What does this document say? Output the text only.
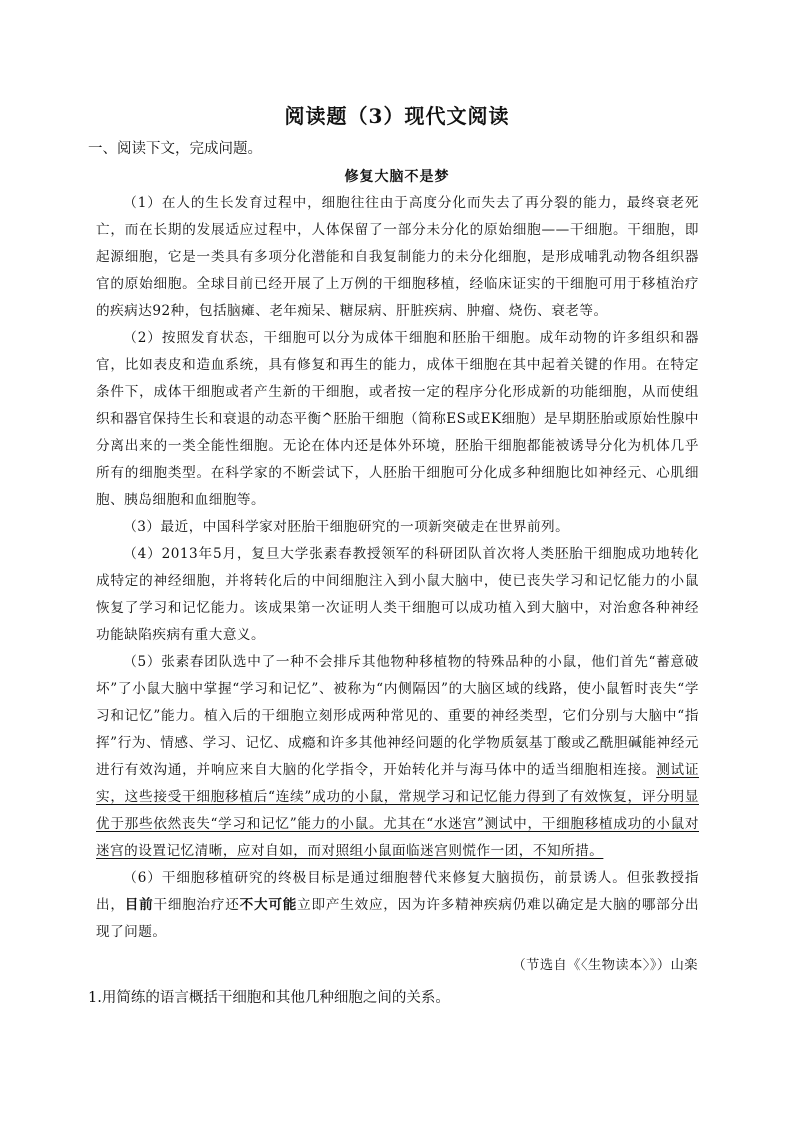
阅读题（3）现代文阅读
一、阅读下文，完成问题。
修复大脑不是梦

（1）在人的生长发育过程中，细胞往往由于高度分化而失去了再分裂的能力，最终衰老死亡，而在长期的发展适应过程中，人体保留了一部分未分化的原始细胞——干细胞。干细胞，即起源细胞，它是一类具有多项分化潜能和自我复制能力的未分化细胞，是形成哺乳动物各组织器官的原始细胞。全球目前已经开展了上万例的干细胞移植，经临床证实的干细胞可用于移植治疗的疾病达92种，包括脑瘫、老年痴呆、糖尿病、肝脏疾病、肿瘤、烧伤、衰老等。

（2）按照发育状态，干细胞可以分为成体干细胞和胚胎干细胞。成年动物的许多组织和器官，比如表皮和造血系统，具有修复和再生的能力，成体干细胞在其中起着关键的作用。在特定条件下，成体干细胞或者产生新的干细胞，或者按一定的程序分化形成新的功能细胞，从而使组织和器官保持生长和衰退的动态平衡^胚胎干细胞（简称ES或EK细胞）是早期胚胎或原始性腺中分离出来的一类全能性细胞。无论在体内还是体外环境，胚胎干细胞都能被诱导分化为机体几乎所有的细胞类型。在科学家的不断尝试下，人胚胎干细胞可分化成多种细胞比如神经元、心肌细胞、胰岛细胞和血细胞等。

（3）最近，中国科学家对胚胎干细胞研究的一项新突破走在世界前列。

（4）2013年5月，复旦大学张素春教授领军的科研团队首次将人类胚胎干细胞成功地转化成特定的神经细胞，并将转化后的中间细胞注入到小鼠大脑中，使已丧失学习和记忆能力的小鼠恢复了学习和记忆能力。该成果第一次证明人类干细胞可以成功植入到大脑中，对治愈各种神经功能缺陷疾病有重大意义。

（5）张素春团队选中了一种不会排斥其他物种移植物的特殊品种的小鼠，他们首先“蓄意破坏”了小鼠大脑中掌握“学习和记忆”、被称为“内侧隔因”的大脑区域的线路，使小鼠暂时丧失“学习和记忆”能力。植入后的干细胞立刻形成两种常见的、重要的神经类型，它们分别与大脑中“指挥”行为、情感、学习、记忆、成瘾和许多其他神经问题的化学物质氨基丁酸或乙酰胆碱能神经元进行有效沟通，并响应来自大脑的化学指令，开始转化并与海马体中的适当细胞相连接。测试证实，这些接受干细胞移植后“连续”成功的小鼠，常规学习和记忆能力得到了有效恢复，评分明显优于那些依然丧失“学习和记忆”能力的小鼠。尤其在“水迷宫”测试中，干细胞移植成功的小鼠对迷宫的设置记忆清晰，应对自如，而对照组小鼠面临迷宫则慌作一团，不知所措。

（6）干细胞移植研究的终极目标是通过细胞替代来修复大脑损伤，前景诱人。但张教授指出，目前干细胞治疗还不大可能立即产生效应，因为许多精神疾病仍难以确定是大脑的哪部分出现了问题。

（节选自《〈生物读本〉》）山楽
1.用简练的语言概括干细胞和其他几种细胞之间的关系。
